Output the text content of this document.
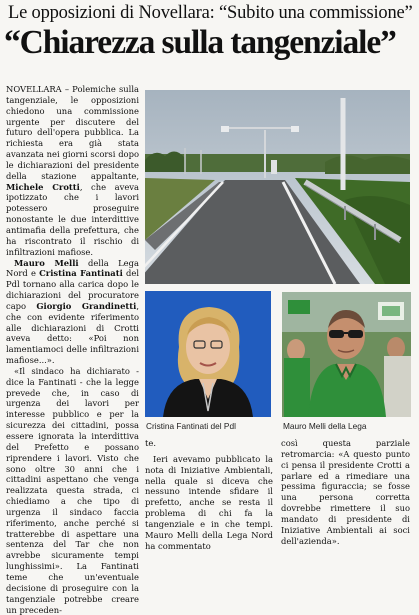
Le opposizioni di Novellara: “Subito una commissione”
“Chiarezza sulla tangenziale”

NOVELLARA – Polemiche sulla tangenziale, le opposizioni chiedono una commissione urgente per discutere del futuro dell'opera pubblica. La richiesta era già stata avanzata nei giorni scorsi dopo le dichiarazioni del presidente della stazione appaltante, Michele Crotti, che aveva ipotizzato che i lavori potessero proseguire nonostante le due interdittive antimafia della prefettura, che ha riscontrato il rischio di infiltrazioni mafiose.

Mauro Melli della Lega Nord e Cristina Fantinati del Pdl tornano alla carica dopo le dichiarazioni del procuratore capo Giorgio Grandinetti, che con evidente riferimento alle dichiarazioni di Crotti aveva detto: «Poi non lamentiamoci delle infiltrazioni mafiose...».

«Il sindaco ha dichiarato - dice la Fantinati - che la legge prevede che, in caso di urgenza dei lavori per interesse pubblico e per la sicurezza dei cittadini, possa essere ignorata la interdittiva del Prefetto e possano riprendere i lavori. Visto che sono oltre 30 anni che i cittadini aspettano che venga realizzata questa strada, ci chiediamo a che tipo di urgenza il sindaco faccia riferimento, anche perché si tratterebbe di aspettare una sentenza del Tar che non avrebbe sicuramente tempi lunghissimi». La Fantinati teme che un'eventuale decisione di proseguire con la tangenziale potrebbe creare un preceden-

Cristina Fantinati del Pdl	Mauro Melli della Lega

te.

Ieri avevamo pubblicato la nota di Iniziative Ambientali, nella quale si diceva che nessuno intende sfidare il prefetto, anche se resta il problema di chi fa la tangenziale e in che tempi. Mauro Melli della Lega Nord ha commentato

così questa parziale retromarcia: «A questo punto ci pensa il presidente Crotti a parlare ed a rimediare una pessima figuraccia; se fosse una persona corretta dovrebbe rimettere il suo mandato di presidente di Iniziative Ambientali ai soci dell'azienda».
